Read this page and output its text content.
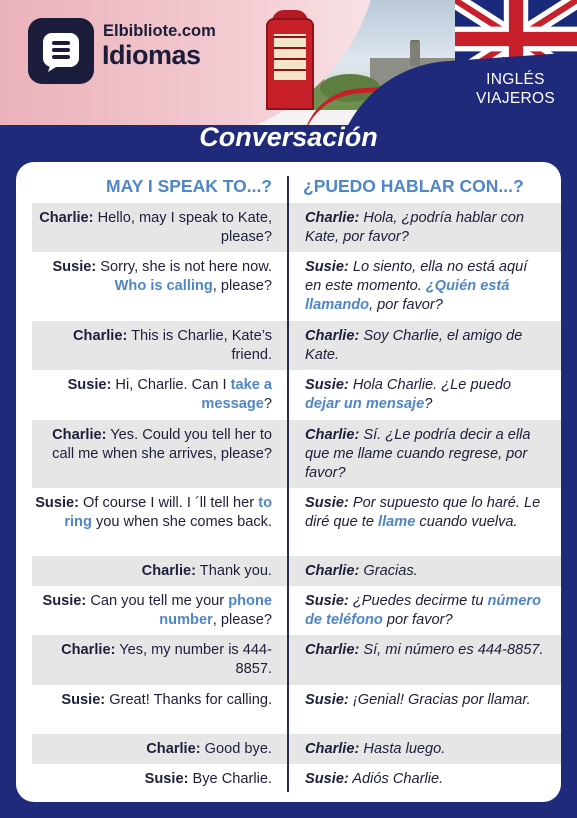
INGLÉS
VIAJEROS
Elbibliote.com
Idiomas
Conversación
MAY I SPEAK TO...? ¿PUEDO HABLAR CON...?
Charlie: Hello, may I speak to Kate, please?
Charlie: Hola, ¿podría hablar con Kate, por favor?
Susie: Sorry, she is not here now. Who is calling, please?
Susie: Lo siento, ella no está aquí en este momento. ¿Quién está llamando, por favor?
Charlie: This is Charlie, Kate’s friend.
Charlie: Soy Charlie, el amigo de Kate.
Susie: Hi, Charlie. Can I take a message?
Susie: Hola Charlie. ¿Le puedo dejar un mensaje?
Charlie: Yes. Could you tell her to call me when she arrives, please?
Charlie: Sí. ¿Le podría decir a ella que me llame cuando regrese, por favor?
Susie: Of course I will. I ´ll tell her to ring you when she comes back.
Susie: Por supuesto que lo haré. Le diré que te llame cuando vuelva.
Charlie: Thank you. Charlie: Gracias.
Susie: Can you tell me your phone number, please?
Susie: ¿Puedes decirme tu número de teléfono por favor?
Charlie: Yes, my number is 444-8857.
Charlie: Sí, mi número es 444-8857.
Susie: Great! Thanks for calling. Susie: ¡Genial! Gracias por llamar.
Charlie: Good bye. Charlie: Hasta luego.
Susie: Bye Charlie. Susie: Adiós Charlie.
